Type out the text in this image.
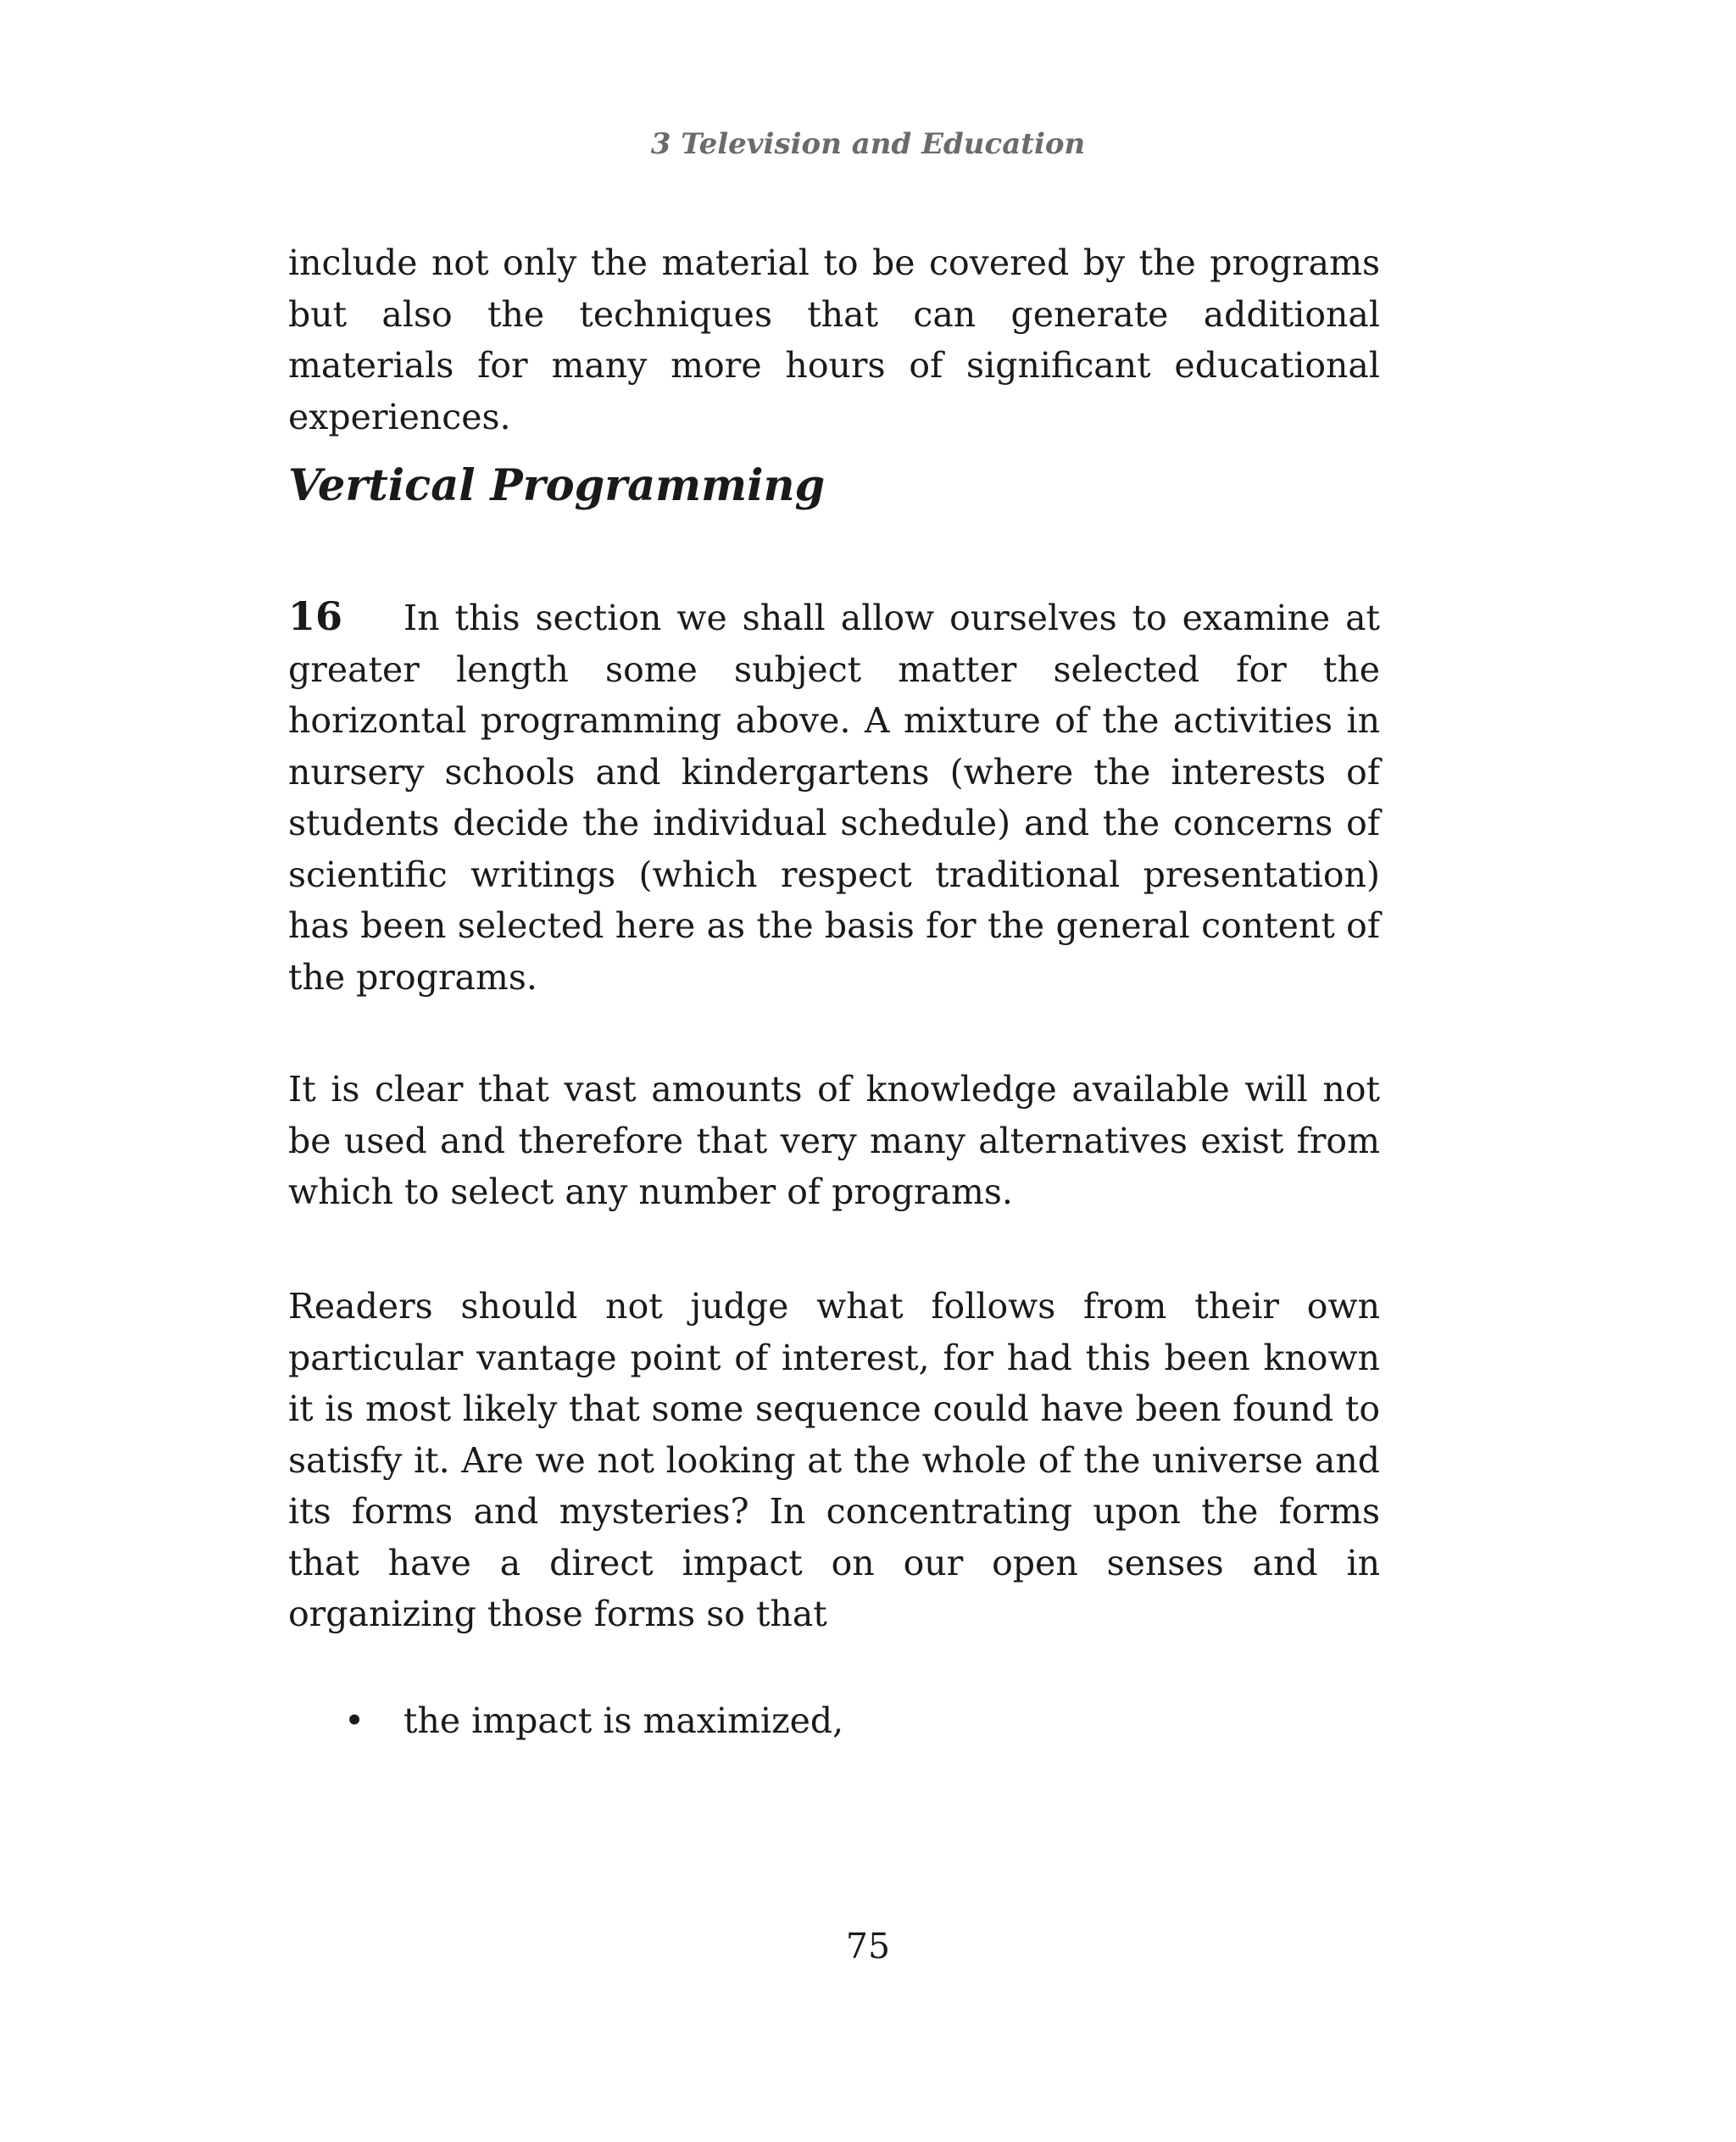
3 Television and Education

include not only the material to be covered by the programs but also the techniques that can generate additional materials for many more hours of significant educational experiences.

Vertical Programming

16 In this section we shall allow ourselves to examine at greater length some subject matter selected for the horizontal programming above. A mixture of the activities in nursery schools and kindergartens (where the interests of students decide the individual schedule) and the concerns of scientific writings (which respect traditional presentation) has been selected here as the basis for the general content of the programs.

It is clear that vast amounts of knowledge available will not be used and therefore that very many alternatives exist from which to select any number of programs.

Readers should not judge what follows from their own particular vantage point of interest, for had this been known it is most likely that some sequence could have been found to satisfy it. Are we not looking at the whole of the universe and its forms and mysteries? In concentrating upon the forms that have a direct impact on our open senses and in organizing those forms so that

• the impact is maximized,
75
